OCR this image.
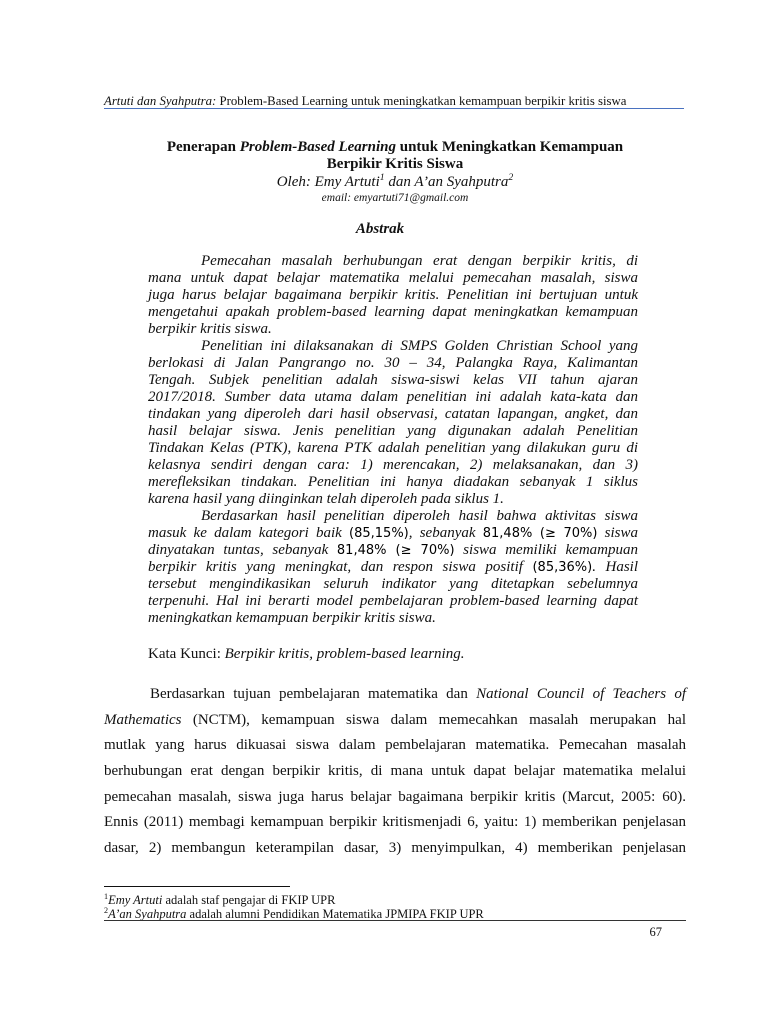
Artuti dan Syahputra: Problem-Based Learning untuk meningkatkan kemampuan berpikir kritis siswa
Penerapan Problem-Based Learning untuk Meningkatkan Kemampuan
Berpikir Kritis Siswa
Oleh: Emy Artuti$^1$ dan A’an Syahputra$^2$
email: emyartuti71@gmail.com
Abstrak
Pemecahan masalah berhubungan erat dengan berpikir kritis, di
mana untuk dapat belajar matematika melalui pemecahan masalah, siswa
juga harus belajar bagaimana berpikir kritis. Penelitian ini bertujuan untuk
mengetahui apakah problem-based learning dapat meningkatkan kemampuan
berpikir kritis siswa.
Penelitian ini dilaksanakan di SMPS Golden Christian School yang
berlokasi di Jalan Pangrango no. 30 – 34, Palangka Raya, Kalimantan
Tengah. Subjek penelitian adalah siswa-siswi kelas VII tahun ajaran
2017/2018. Sumber data utama dalam penelitian ini adalah kata-kata dan
tindakan yang diperoleh dari hasil observasi, catatan lapangan, angket, dan
hasil belajar siswa. Jenis penelitian yang digunakan adalah Penelitian
Tindakan Kelas (PTK), karena PTK adalah penelitian yang dilakukan guru di
kelasnya sendiri dengan cara: 1) merencakan, 2) melaksanakan, dan 3)
merefleksikan tindakan. Penelitian ini hanya diadakan sebanyak 1 siklus
karena hasil yang diinginkan telah diperoleh pada siklus 1.
Berdasarkan hasil penelitian diperoleh hasil bahwa aktivitas siswa
masuk ke dalam kategori baik (85,15%), sebanyak 81,48% (≥ 70%) siswa
dinyatakan tuntas, sebanyak 81,48% (≥ 70%) siswa memiliki kemampuan
berpikir kritis yang meningkat, dan respon siswa positif (85,36%). Hasil
tersebut mengindikasikan seluruh indikator yang ditetapkan sebelumnya
terpenuhi. Hal ini berarti model pembelajaran problem-based learning dapat
meningkatkan kemampuan berpikir kritis siswa.
Kata Kunci: Berpikir kritis, problem-based learning.
Berdasarkan tujuan pembelajaran matematika dan National Council of Teachers of
Mathematics (NCTM), kemampuan siswa dalam memecahkan masalah merupakan hal
mutlak yang harus dikuasai siswa dalam pembelajaran matematika. Pemecahan masalah
berhubungan erat dengan berpikir kritis, di mana untuk dapat belajar matematika melalui
pemecahan masalah, siswa juga harus belajar bagaimana berpikir kritis (Marcut, 2005: 60).
Ennis (2011) membagi kemampuan berpikir kritismenjadi 6, yaitu: 1) memberikan penjelasan
dasar, 2) membangun keterampilan dasar, 3) menyimpulkan, 4) memberikan penjelasan
$^1$Emy Artuti adalah staf pengajar di FKIP UPR
$^2$A’an Syahputra adalah alumni Pendidikan Matematika JPMIPA FKIP UPR
67
